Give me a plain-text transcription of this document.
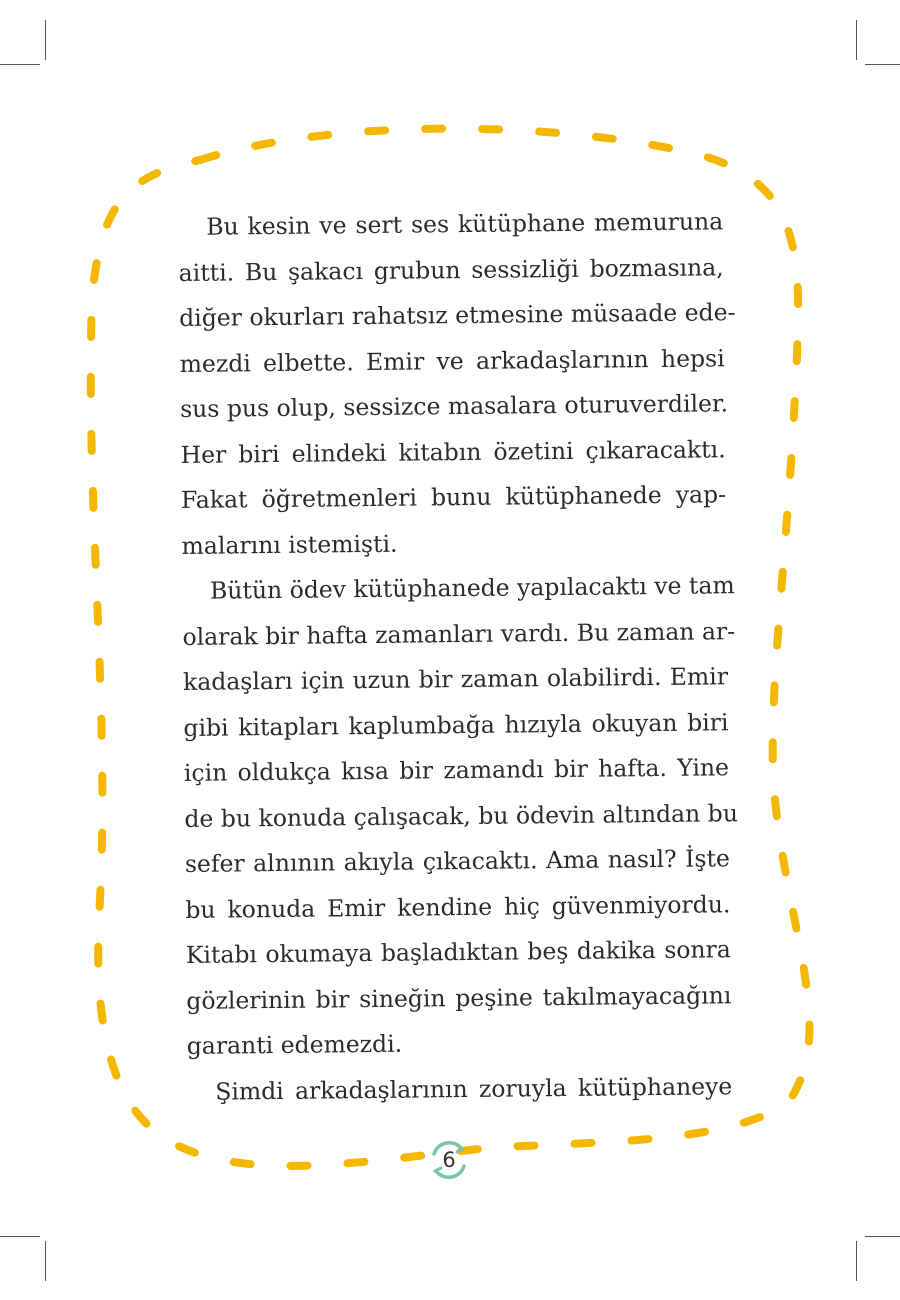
Bu kesin ve sert ses kütüphane memuruna
aitti. Bu şakacı grubun sessizliği bozmasına,
diğer okurları rahatsız etmesine müsaade ede-
mezdi elbette. Emir ve arkadaşlarının hepsi
sus pus olup, sessizce masalara oturuverdiler.
Her biri elindeki kitabın özetini çıkaracaktı.
Fakat öğretmenleri bunu kütüphanede yap-
malarını istemişti.
Bütün ödev kütüphanede yapılacaktı ve tam
olarak bir hafta zamanları vardı. Bu zaman ar-
kadaşları için uzun bir zaman olabilirdi. Emir
gibi kitapları kaplumbağa hızıyla okuyan biri
için oldukça kısa bir zamandı bir hafta. Yine
de bu konuda çalışacak, bu ödevin altından bu
sefer alnının akıyla çıkacaktı. Ama nasıl? İşte
bu konuda Emir kendine hiç güvenmiyordu.
Kitabı okumaya başladıktan beş dakika sonra
gözlerinin bir sineğin peşine takılmayacağını
garanti edemezdi.
Şimdi arkadaşlarının zoruyla kütüphaneye
6
